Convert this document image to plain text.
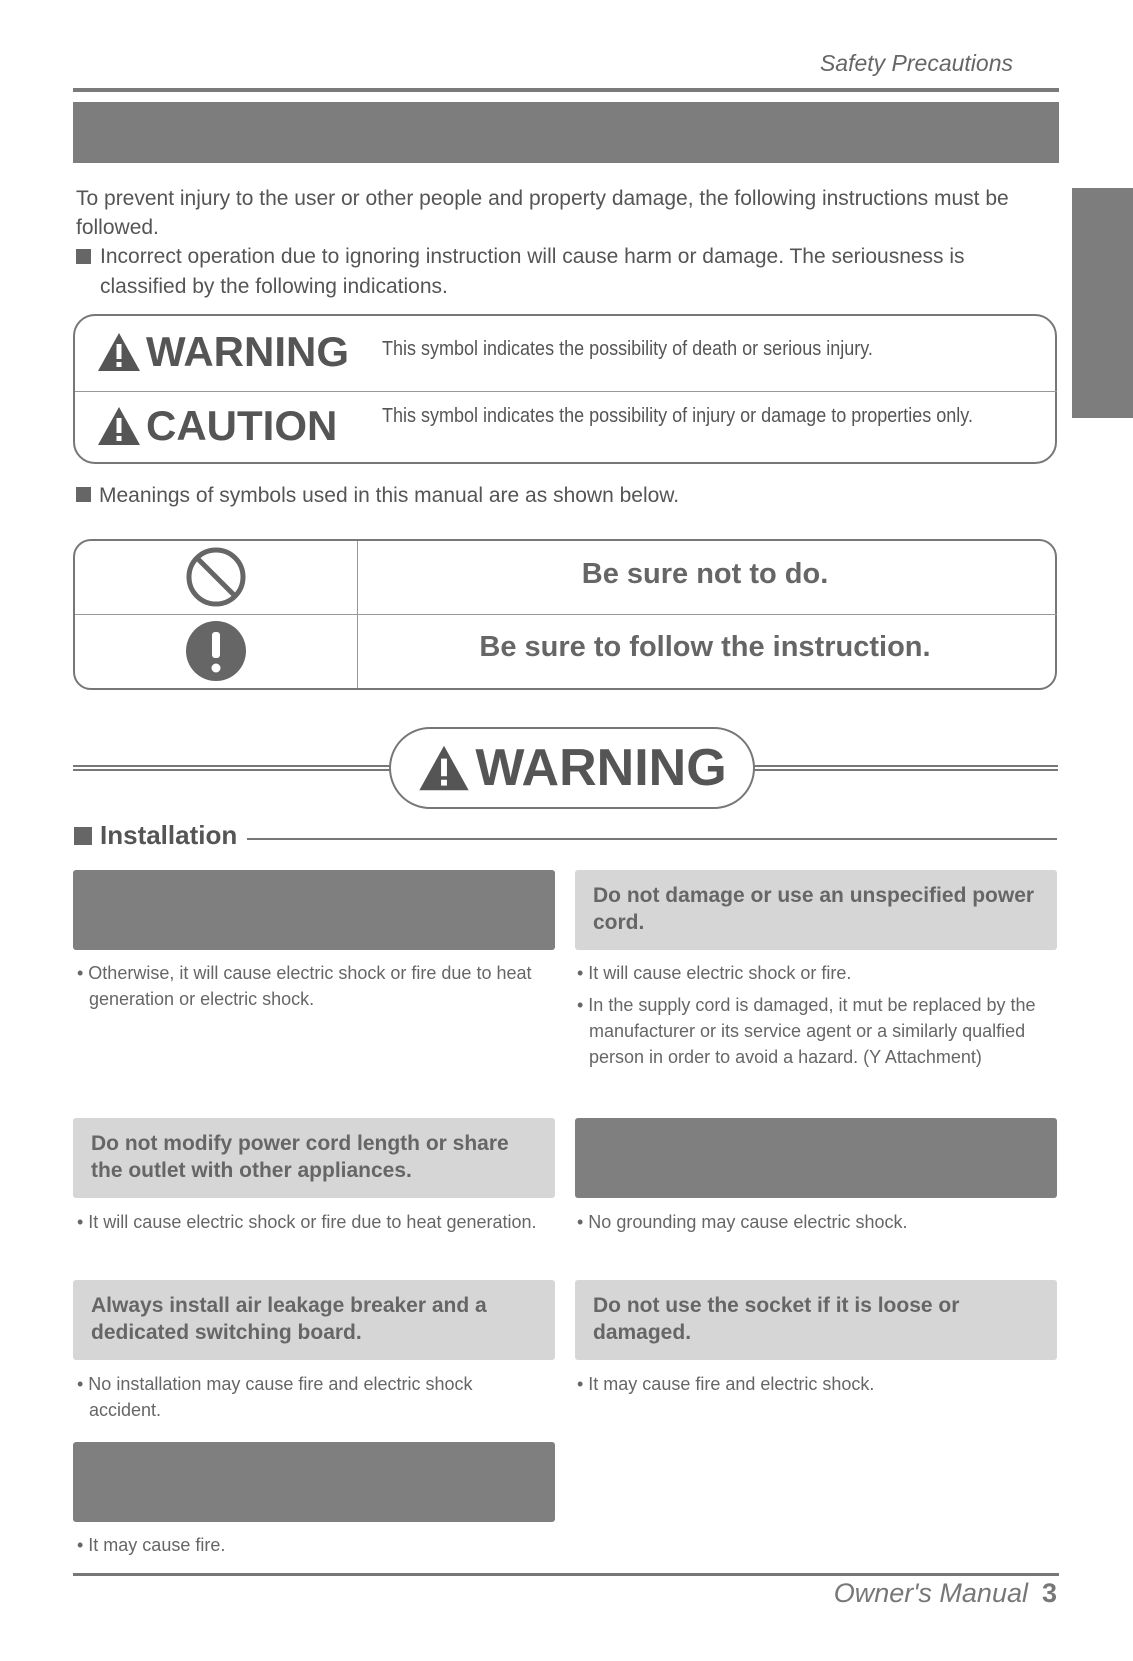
Safety Precautions
To prevent injury to the user or other people and property damage, the following instructions must be followed.
Incorrect operation due to ignoring instruction will cause harm or damage. The seriousness is classified by the following indications.
WARNING This symbol indicates the possibility of death or serious injury.
CAUTION This symbol indicates the possibility of injury or damage to properties only.
Meanings of symbols used in this manual are as shown below.
Be sure not to do.
Be sure to follow the instruction.
WARNING
Installation
• Otherwise, it will cause electric shock or fire due to heat generation or electric shock.
Do not modify power cord length or share the outlet with other appliances.
• It will cause electric shock or fire due to heat generation.
Always install air leakage breaker and a dedicated switching board.
• No installation may cause fire and electric shock accident.
• It may cause fire.
Do not damage or use an unspecified power cord.
• It will cause electric shock or fire.
• In the supply cord is damaged, it mut be replaced by the manufacturer or its service agent or a similarly qualfied person in order to avoid a hazard. (Y Attachment)
• No grounding may cause electric shock.
Do not use the socket if it is loose or damaged.
• It may cause fire and electric shock.
Owner's Manual 3
